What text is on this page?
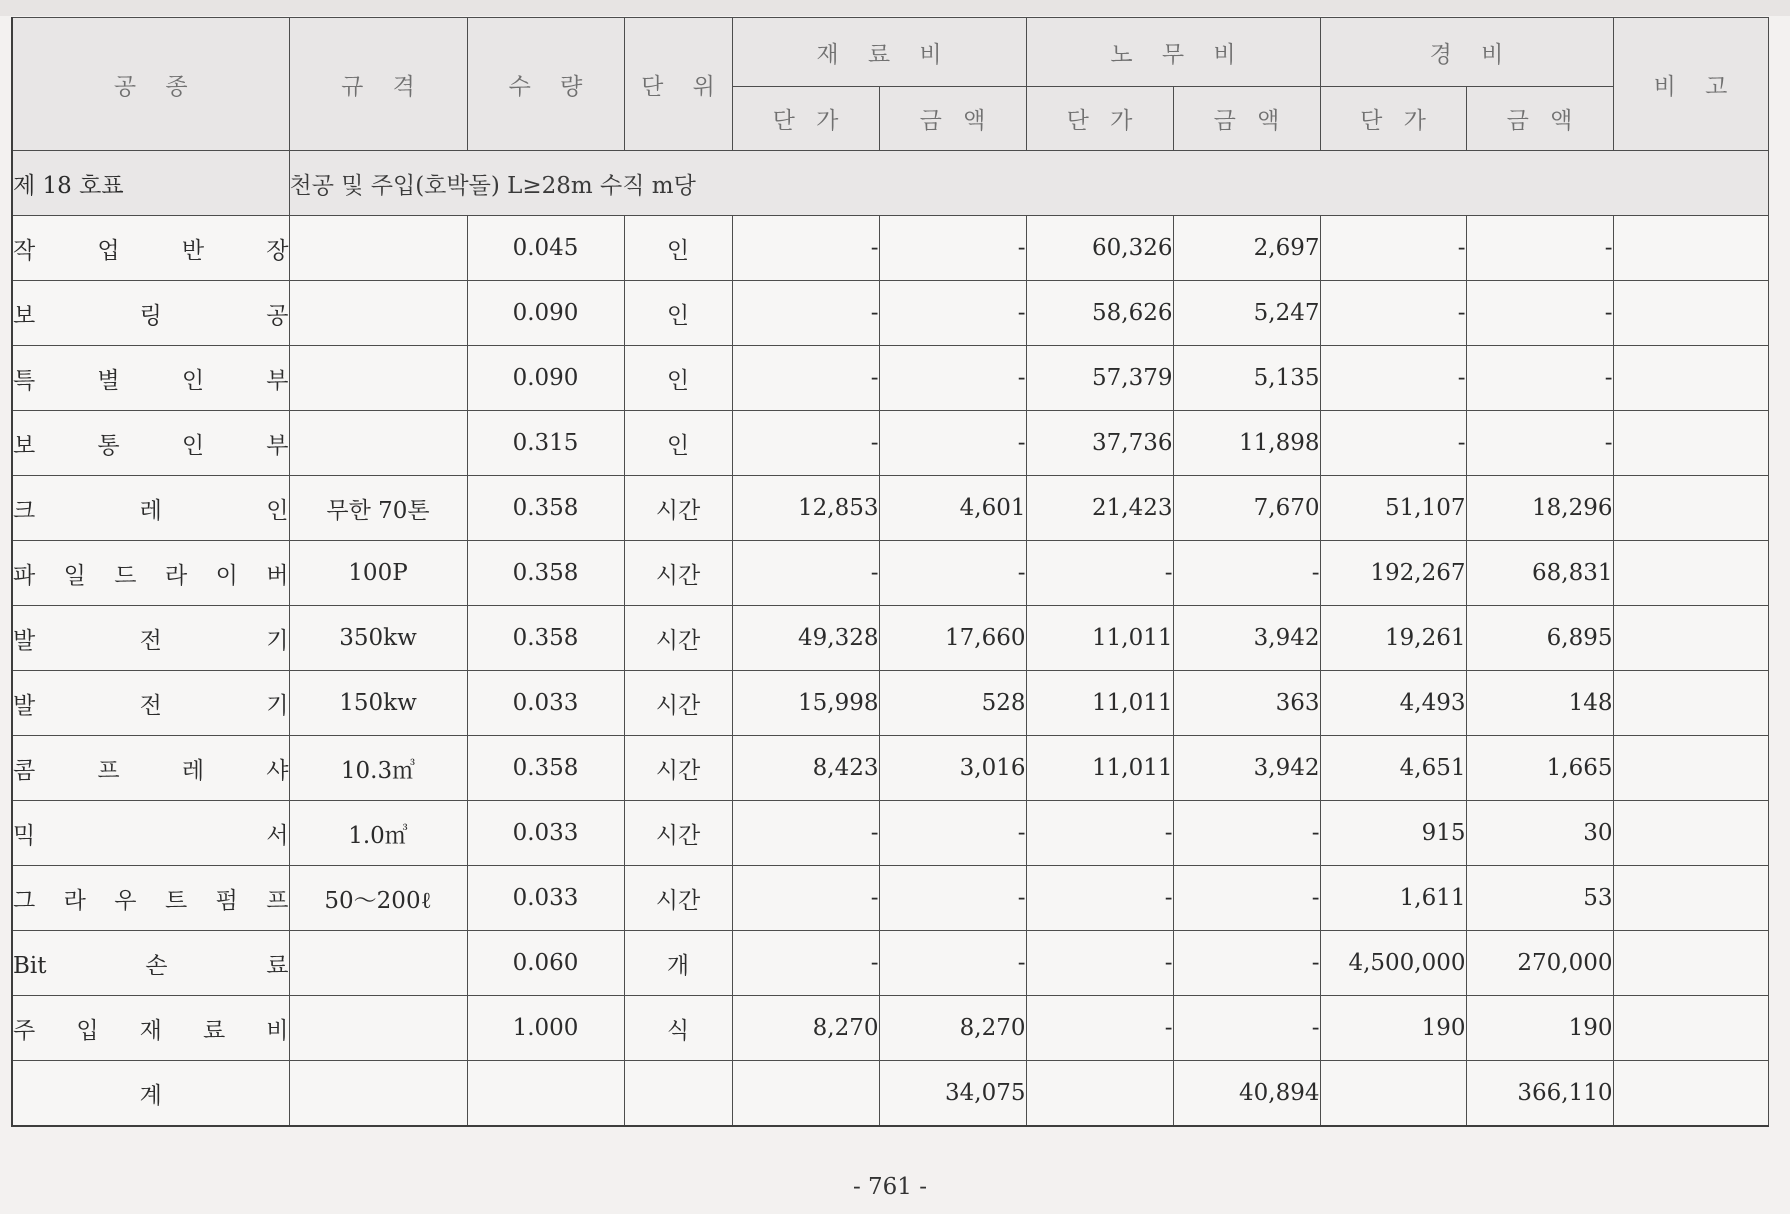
공 종	규 격	수 량	단 위	재 료 비		노 무 비		경 비		비 고
				단 가	금 액	단 가	금 액	단 가	금 액	
제 18 호표	천공 및 주입(호박돌) L≥28m 수직 m당									
작 업 반 장		0.045	인	-	-	60,326	2,697	-	-	
보 링 공		0.090	인	-	-	58,626	5,247	-	-	
특 별 인 부		0.090	인	-	-	57,379	5,135	-	-	
보 통 인 부		0.315	인	-	-	37,736	11,898	-	-	
크 레 인	무한 70톤	0.358	시간	12,853	4,601	21,423	7,670	51,107	18,296	
파 일 드 라 이 버	100P	0.358	시간	-	-	-	-	192,267	68,831	
발 전 기	350kw	0.358	시간	49,328	17,660	11,011	3,942	19,261	6,895	
발 전 기	150kw	0.033	시간	15,998	528	11,011	363	4,493	148	
콤 프 레 샤	10.3㎥	0.358	시간	8,423	3,016	11,011	3,942	4,651	1,665	
믹 서	1.0㎥	0.033	시간	-	-	-	-	915	30	
그 라 우 트 펌 프	50～200ℓ	0.033	시간	-	-	-	-	1,611	53	
Bit 손 료		0.060	개	-	-	-	-	4,500,000	270,000	
주 입 재 료 비		1.000	식	8,270	8,270	-	-	190	190	
계					34,075		40,894		366,110	
- 761 -
